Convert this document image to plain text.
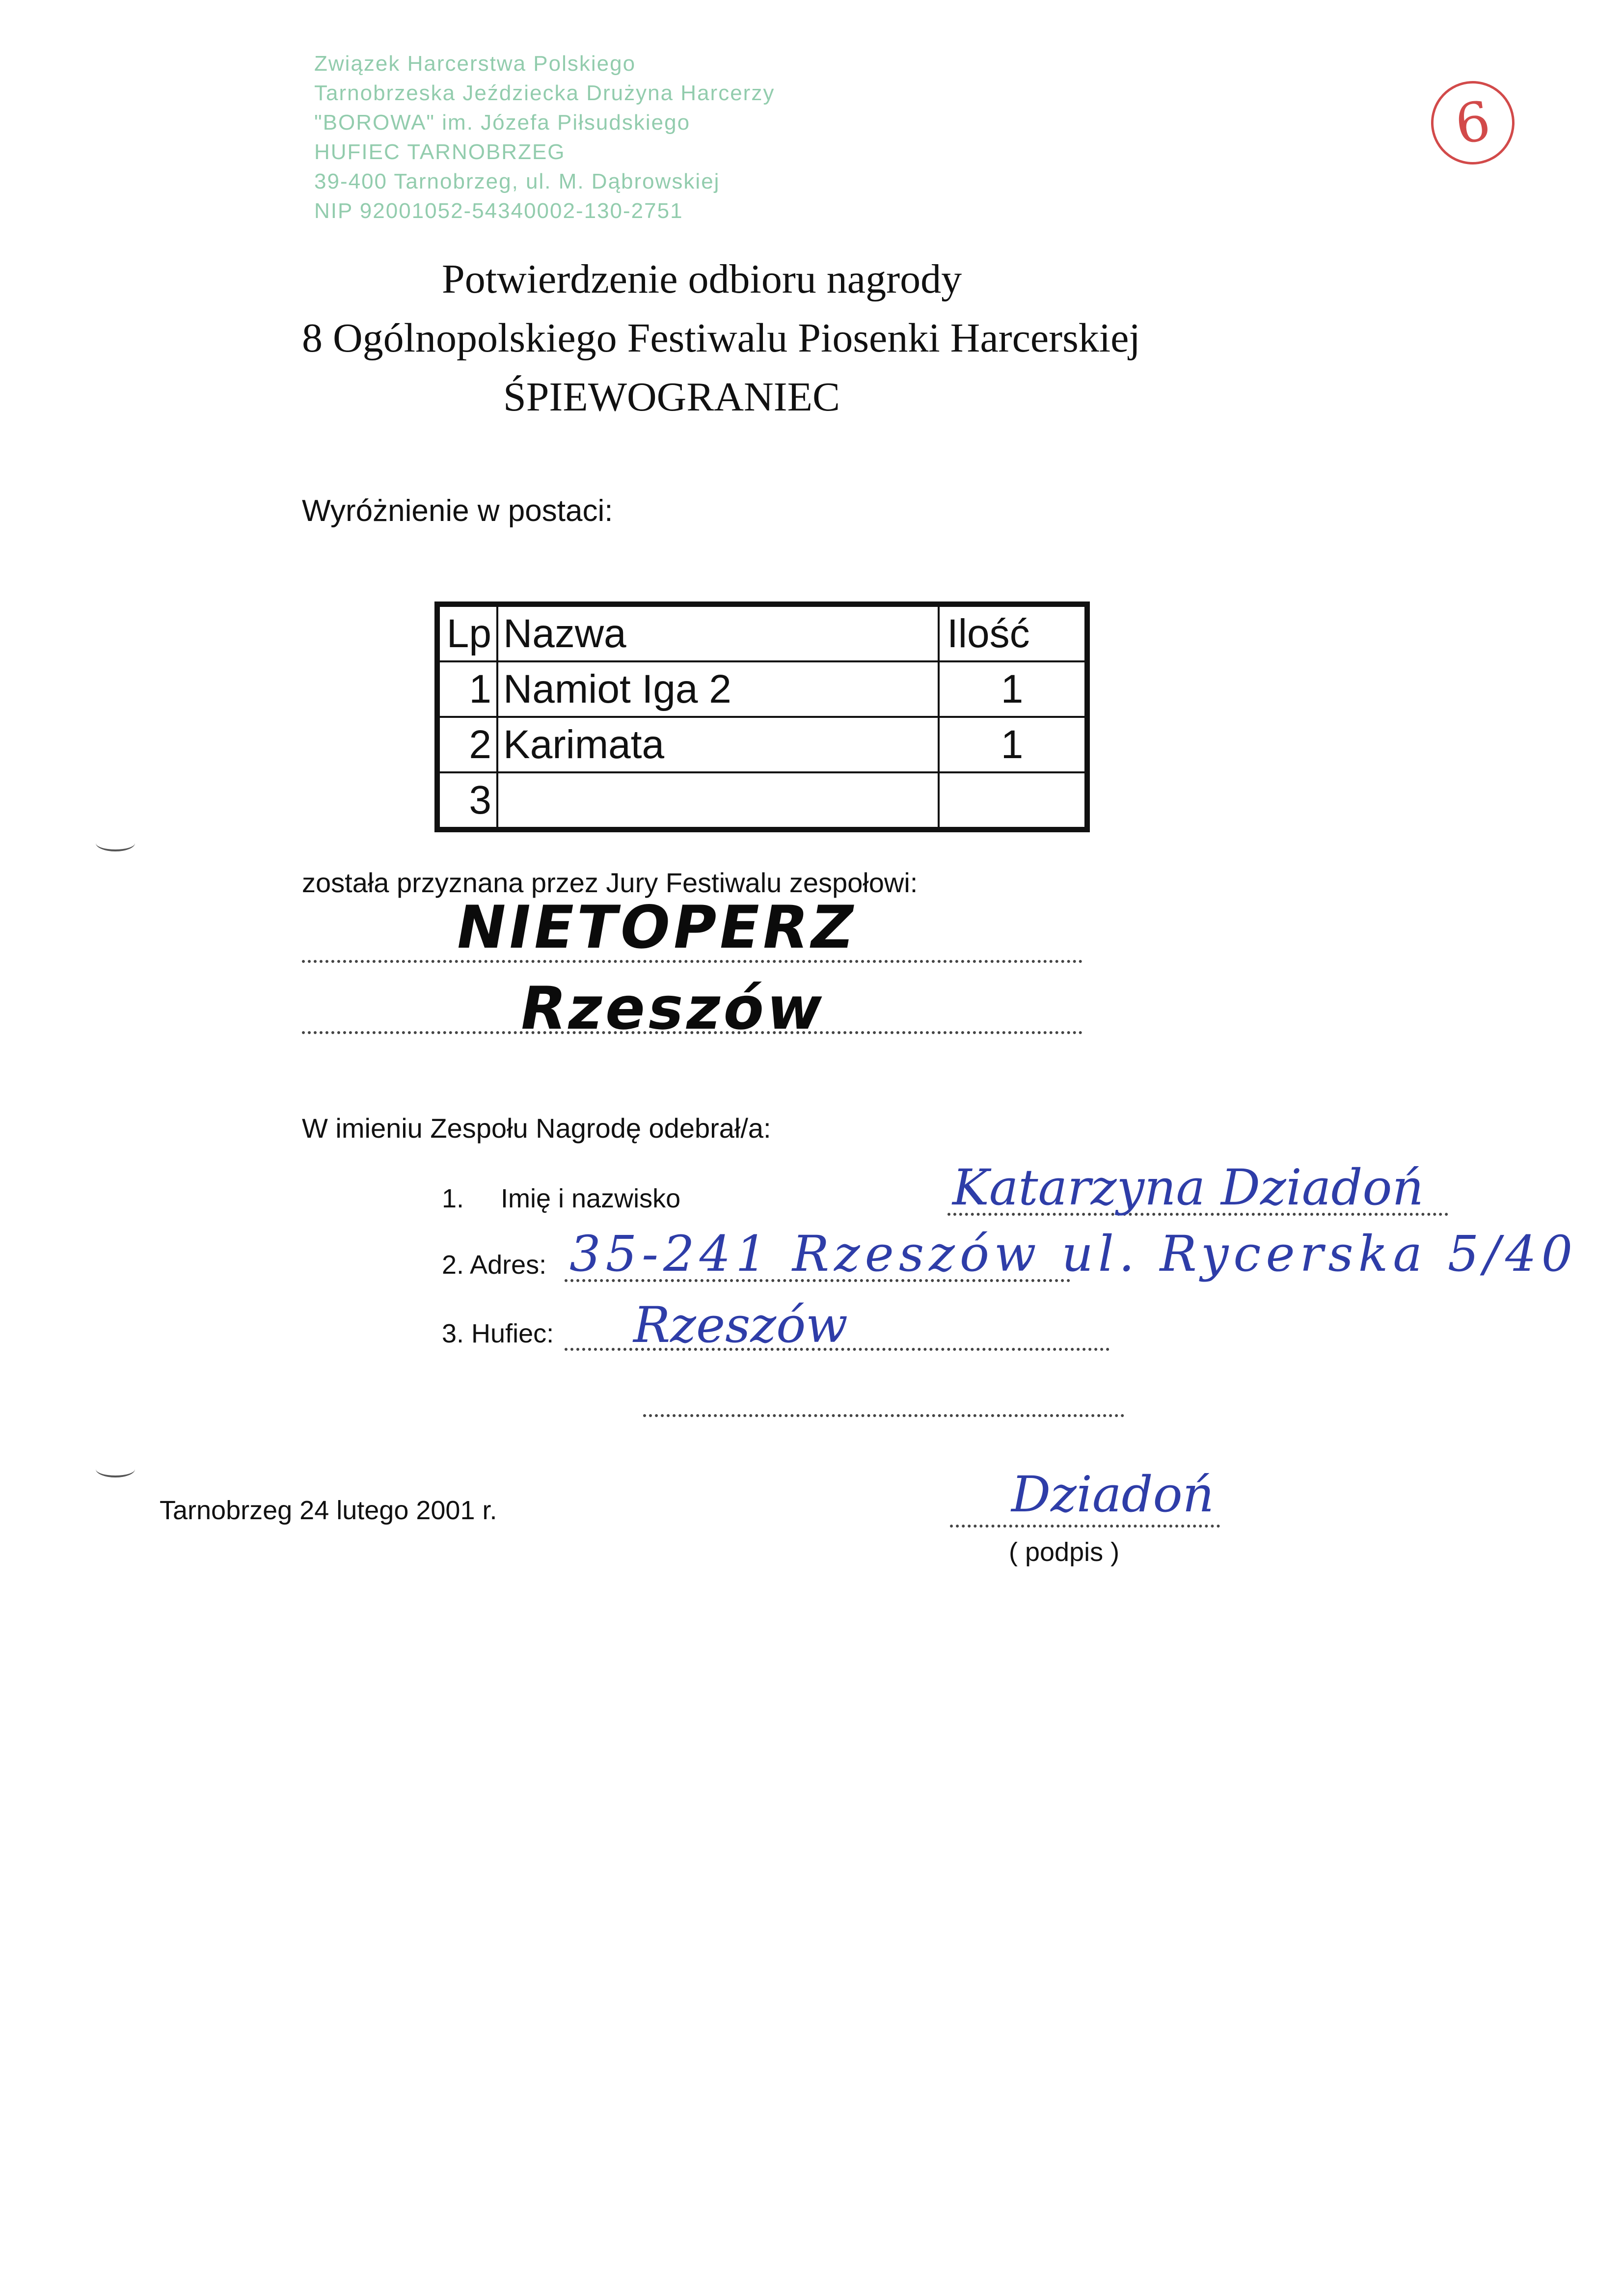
Związek Harcerstwa Polskiego
Tarnobrzeska Jeździecka Drużyna Harcerzy
"BOROWA" im. Józefa Piłsudskiego
HUFIEC TARNOBRZEG
39-400 Tarnobrzeg, ul. M. Dąbrowskiej
NIP 92001052-54340002-130-2751
6
Potwierdzenie odbioru nagrody
8 Ogólnopolskiego Festiwalu Piosenki Harcerskiej
ŚPIEWOGRANIEC
Wyróżnienie w postaci:
Lp	Nazwa	Ilość
1	Namiot Iga 2	1
2	Karimata	1
3		
została przyznana przez Jury Festiwalu zespołowi:
NIETOPERZ
Rzeszów
W imieniu Zespołu Nagrodę odebrał/a:
1. Imię i nazwisko	Katarzyna Dziadoń
2. Adres: 35-241 Rzeszów ul. Rycerska 5/40
3. Hufiec: Rzeszów
Tarnobrzeg 24 lutego 2001 r.	Dziadoń
( podpis )
